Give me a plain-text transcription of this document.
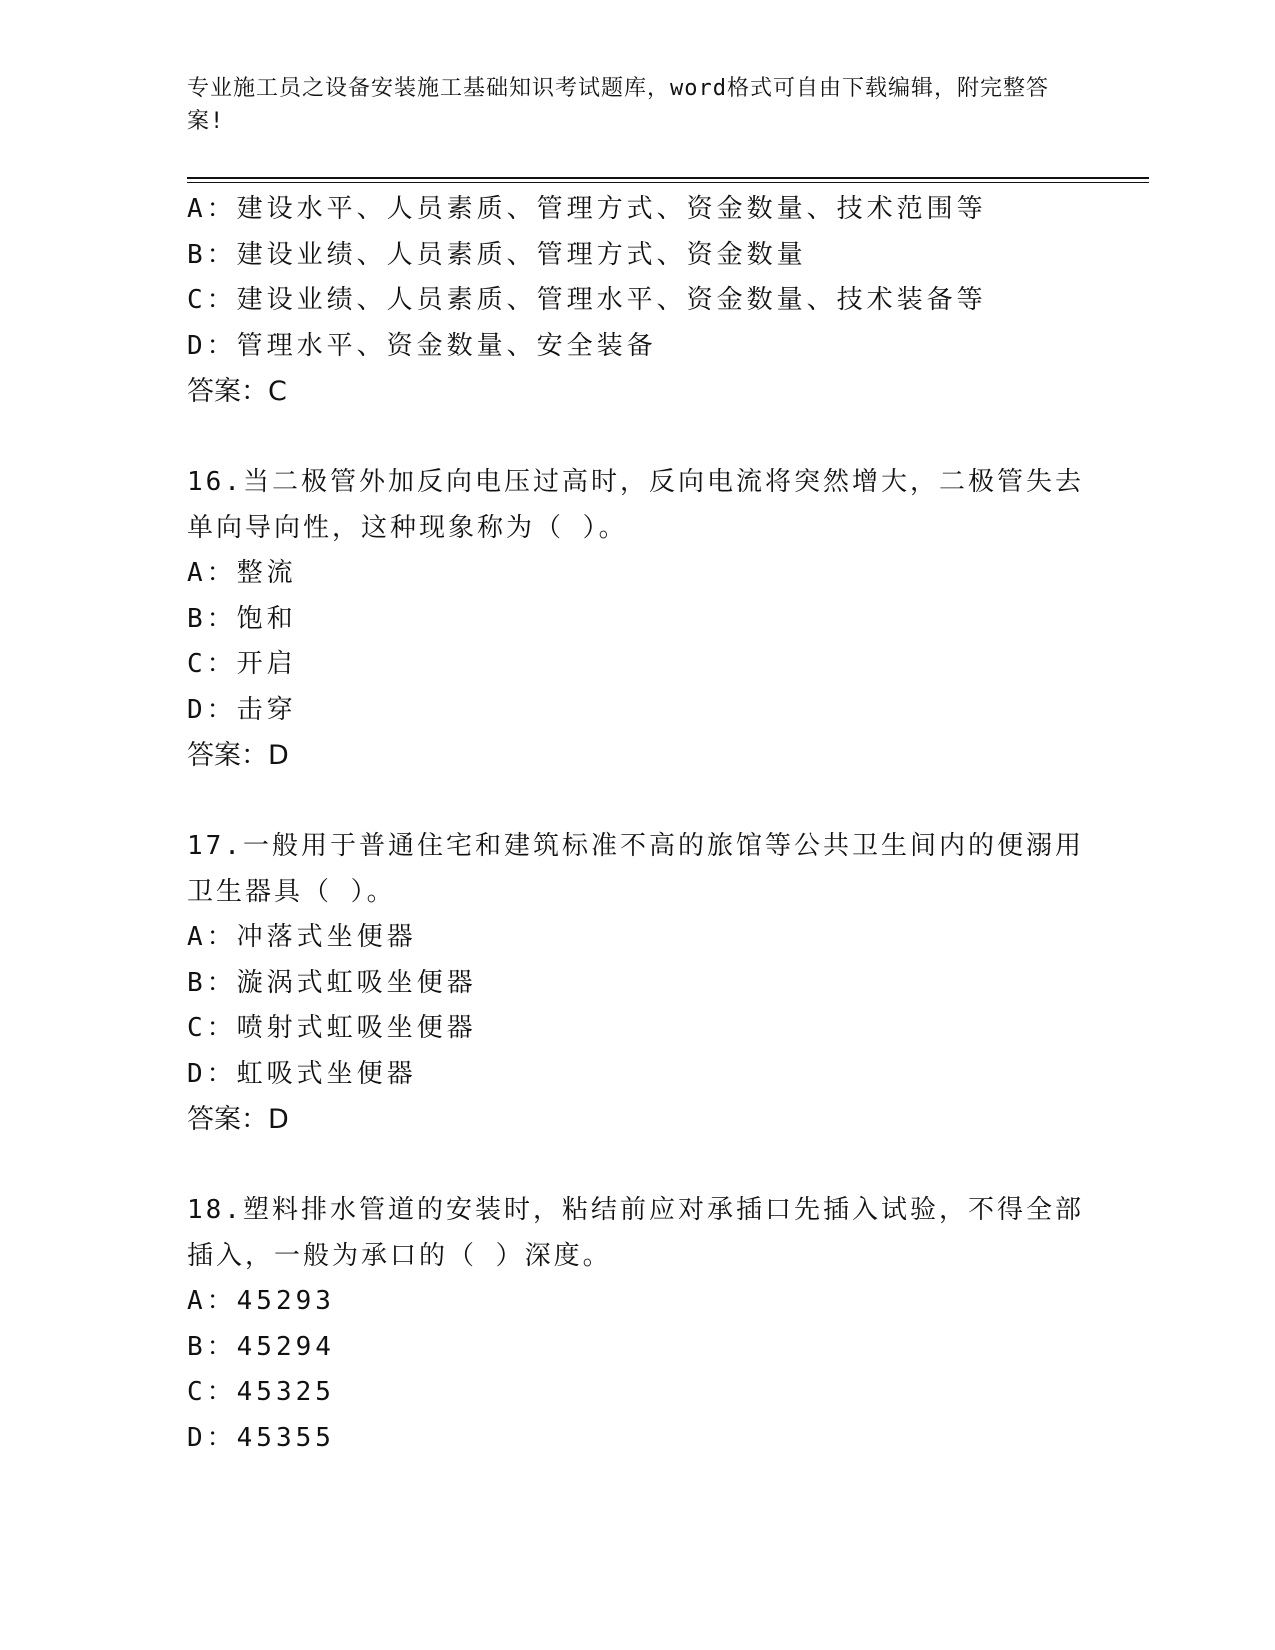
专业施工员之设备安装施工基础知识考试题库，word格式可自由下载编辑，附完整答案!
A：建设水平、人员素质、管理方式、资金数量、技术范围等
B：建设业绩、人员素质、管理方式、资金数量
C：建设业绩、人员素质、管理水平、资金数量、技术装备等
D：管理水平、资金数量、安全装备
答案：C
16.当二极管外加反向电压过高时，反向电流将突然增大，二极管失去
单向导向性，这种现象称为（ ）。
A：整流
B：饱和
C：开启
D：击穿
答案：D
17.一般用于普通住宅和建筑标准不高的旅馆等公共卫生间内的便溺用
卫生器具（ ）。
A：冲落式坐便器
B：漩涡式虹吸坐便器
C：喷射式虹吸坐便器
D：虹吸式坐便器
答案：D
18.塑料排水管道的安装时，粘结前应对承插口先插入试验，不得全部
插入，一般为承口的（ ）深度。
A：45293
B：45294
C：45325
D：45355
